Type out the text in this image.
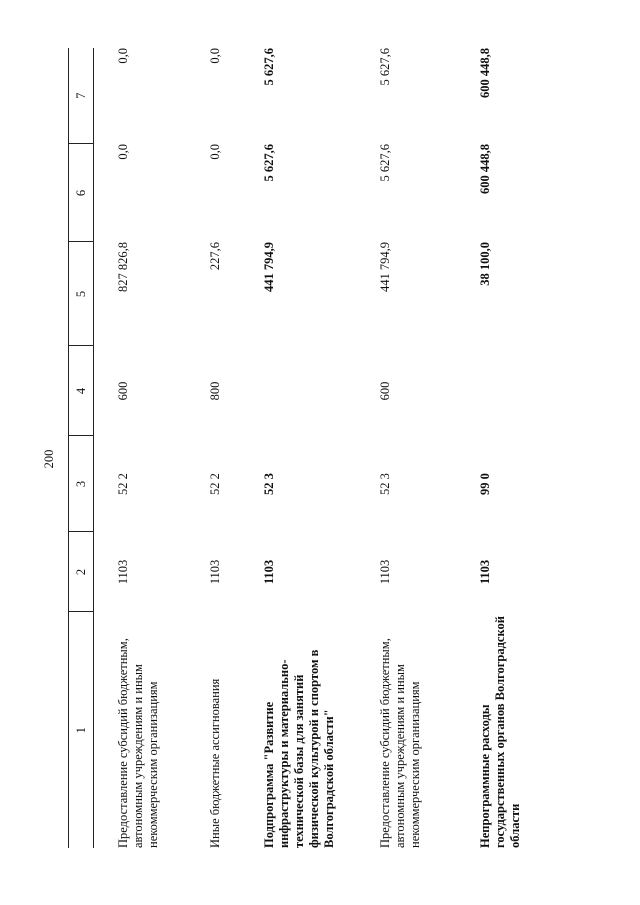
200
1	2	3	4	5	6	7
Предоставление субсидий бюджетным, автономным учреждениям и иным некоммерческим организациям	1103	52 2	600	827 826,8	0,0	0,0
Иные бюджетные ассигнования	1103	52 2	800	227,6	0,0	0,0
Подпрограмма "Развитие инфраструктуры и материально-технической базы для занятий физической культурой и спортом в Волгоградской области"	1103	52 3		441 794,9	5 627,6	5 627,6
Предоставление субсидий бюджетным, автономным учреждениям и иным некоммерческим организациям	1103	52 3	600	441 794,9	5 627,6	5 627,6
Непрограммные расходы государственных органов Волгоградской области	1103	99 0		38 100,0	600 448,8	600 448,8
